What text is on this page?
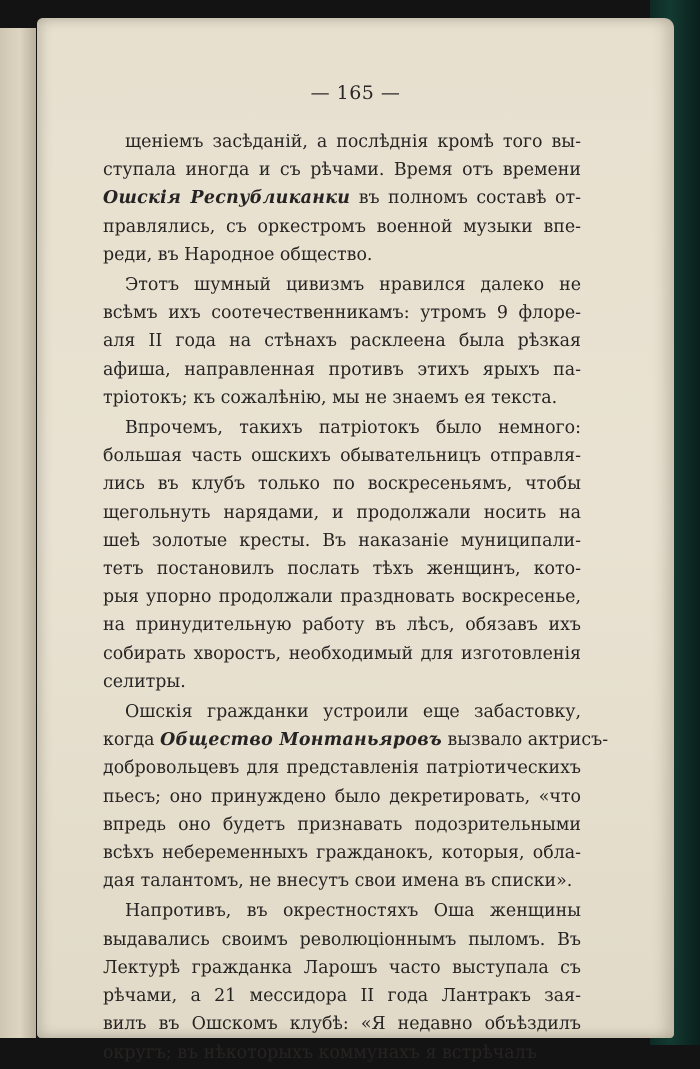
— 165 —
щенiемъ засѣданiй, а послѣднiя кромѣ того вы-
ступала иногда и съ рѣчами. Время отъ времени
Ошскiя Республиканки въ полномъ составѣ от-
правлялись, съ оркестромъ военной музыки впе-
реди, въ Народное общество.
Этотъ шумный цивизмъ нравился далеко не
всѣмъ ихъ соотечественникамъ: утромъ 9 флоре-
аля II года на стѣнахъ расклеена была рѣзкая
афиша, направленная противъ этихъ ярыхъ па-
трiотокъ; къ сожалѣнiю, мы не знаемъ ея текста.
Впрочемъ, такихъ патрiотокъ было немного:
большая часть ошскихъ обывательницъ отправля-
лись въ клубъ только по воскресеньямъ, чтобы
щегольнуть нарядами, и продолжали носить на
шеѣ золотые кресты. Въ наказанiе муниципали-
тетъ постановилъ послать тѣхъ женщинъ, кото-
рыя упорно продолжали праздновать воскресенье,
на принудительную работу въ лѣсъ, обязавъ ихъ
собирать хворостъ, необходимый для изготовленiя
селитры.
Ошскiя гражданки устроили еще забастовку,
когда Общество Монтаньяровъ вызвало актрисъ-
добровольцевъ для представленiя патрiотическихъ
пьесъ; оно принуждено было декретировать, «что
впредь оно будетъ признавать подозрительными
всѣхъ небеременныхъ гражданокъ, которыя, обла-
дая талантомъ, не внесутъ свои имена въ списки».
Напротивъ, въ окрестностяхъ Оша женщины
выдавались своимъ революцiоннымъ пыломъ. Въ
Лектурѣ гражданка Ларошъ часто выступала съ
рѣчами, а 21 мессидора II года Лантракъ зая-
вилъ въ Ошскомъ клубѣ: «Я недавно объѣздилъ
округъ; въ нѣкоторыхъ коммунахъ я встрѣчалъ
